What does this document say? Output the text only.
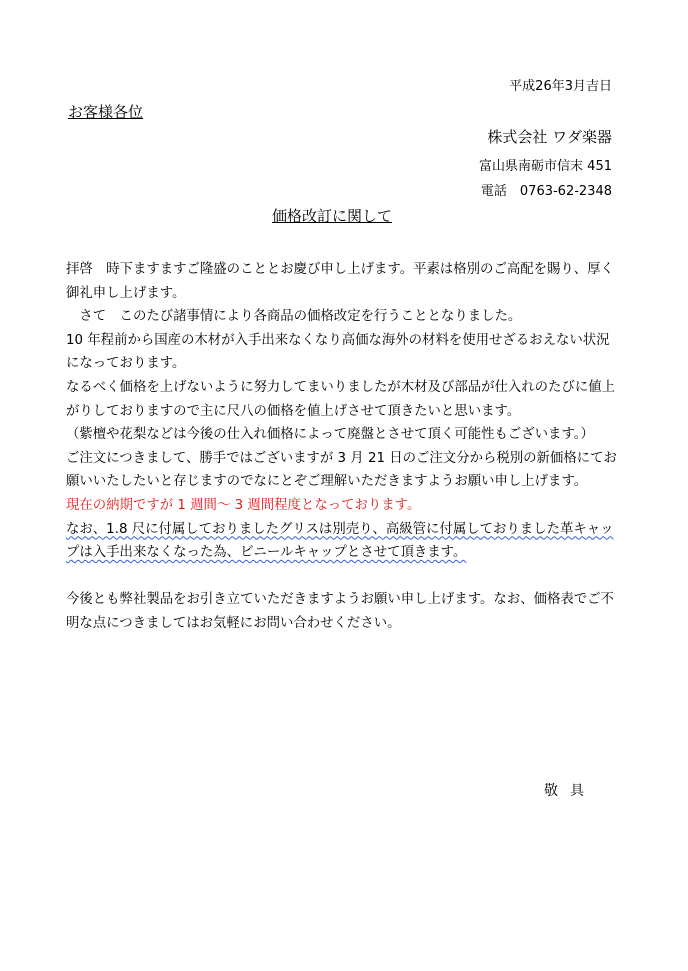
平成26年3月吉日
お客様各位
株式会社 ワダ楽器
富山県南砺市信末 451
電話　0763-62-2348
価格改訂に関して

拝啓　時下ますますご隆盛のこととお慶び申し上げます。平素は格別のご高配を賜り、厚く御礼申し上げます。

　さて　このたび諸事情により各商品の価格改定を行うこととなりました。

10 年程前から国産の木材が入手出来なくなり高価な海外の材料を使用せざるおえない状況になっております。

なるべく価格を上げないように努力してまいりましたが木材及び部品が仕入れのたびに値上がりしておりますので主に尺八の価格を値上げさせて頂きたいと思います。

（紫檀や花梨などは今後の仕入れ価格によって廃盤とさせて頂く可能性もございます。）

ご注文につきまして、勝手ではございますが 3 月 21 日のご注文分から税別の新価格にてお願いいたしたいと存じますのでなにとぞご理解いただきますようお願い申し上げます。

現在の納期ですが 1 週間〜 3 週間程度となっております。

なお、1.8 尺に付属しておりましたグリスは別売り、高級管に付属しておりました革キャップは入手出来なくなった為、ビニールキャップとさせて頂きます。

今後とも弊社製品をお引き立ていただきますようお願い申し上げます。なお、価格表でご不明な点につきましてはお気軽にお問い合わせください。

敬具
